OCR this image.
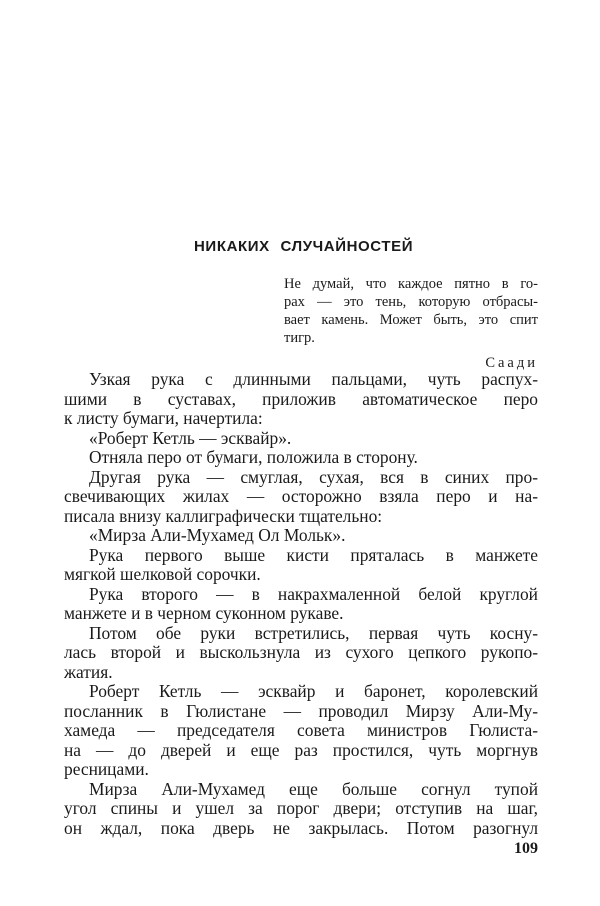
НИКАКИХ СЛУЧАЙНОСТЕЙ
Не думай, что каждое пятно в го-
рах — это тень, которую отбрасы-
вает камень. Может быть, это спит
тигр.
Саади
Узкая рука с длинными пальцами, чуть распух-
шими в суставах, приложив автоматическое перо
к листу бумаги, начертила:
«Роберт Кетль — эсквайр».
Отняла перо от бумаги, положила в сторону.
Другая рука — смуглая, сухая, вся в синих про-
свечивающих жилах — осторожно взяла перо и на-
писала внизу каллиграфически тщательно:
«Мирза Али-Мухамед Ол Мольк».
Рука первого выше кисти пряталась в манжете
мягкой шелковой сорочки.
Рука второго — в накрахмаленной белой круглой
манжете и в черном суконном рукаве.
Потом обе руки встретились, первая чуть косну-
лась второй и выскользнула из сухого цепкого рукопо-
жатия.
Роберт Кетль — эсквайр и баронет, королевский
посланник в Гюлистане — проводил Мирзу Али-Му-
хамеда — председателя совета министров Гюлиста-
на — до дверей и еще раз простился, чуть моргнув
ресницами.
Мирза Али-Мухамед еще больше согнул тупой
угол спины и ушел за порог двери; отступив на шаг,
он ждал, пока дверь не закрылась. Потом разогнул

109
